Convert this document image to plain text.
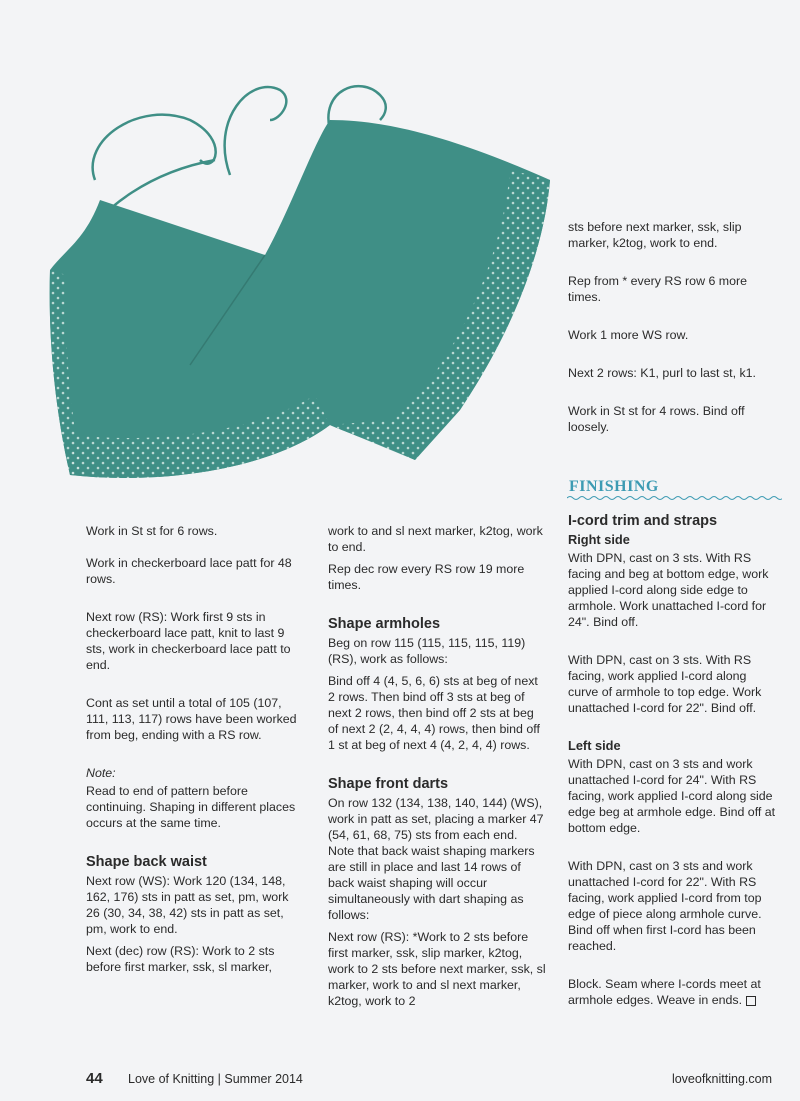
Work in St st for 6 rows.

Work in checkerboard lace patt for 48 rows.

Next row (RS): Work first 9 sts in checkerboard lace patt, knit to last 9 sts, work in checkerboard lace patt to end.

Cont as set until a total of 105 (107, 111, 113, 117) rows have been worked from beg, ending with a RS row.

Note:

Read to end of pattern before continuing. Shaping in different places occurs at the same time.

Shape back waist

Next row (WS): Work 120 (134, 148, 162, 176) sts in patt as set, pm, work 26 (30, 34, 38, 42) sts in patt as set, pm, work to end.

Next (dec) row (RS): Work to 2 sts before first marker, ssk, sl marker,

work to and sl next marker, k2tog, work to end.

Rep dec row every RS row 19 more times.

Shape armholes

Beg on row 115 (115, 115, 115, 119) (RS), work as follows:

Bind off 4 (4, 5, 6, 6) sts at beg of next 2 rows. Then bind off 3 sts at beg of next 2 rows, then bind off 2 sts at beg of next 2 (2, 4, 4, 4) rows, then bind off 1 st at beg of next 4 (4, 2, 4, 4) rows.

Shape front darts

On row 132 (134, 138, 140, 144) (WS), work in patt as set, placing a marker 47 (54, 61, 68, 75) sts from each end. Note that back waist shaping markers are still in place and last 14 rows of back waist shaping will occur simultaneously with dart shaping as follows:

Next row (RS): *Work to 2 sts before first marker, ssk, slip marker, k2tog, work to 2 sts before next marker, ssk, sl marker, work to and sl next marker, k2tog, work to 2

sts before next marker, ssk, slip marker, k2tog, work to end.

Rep from * every RS row 6 more times.

Work 1 more WS row.

Next 2 rows: K1, purl to last st, k1.

Work in St st for 4 rows. Bind off loosely.

FINISHING
I-cord trim and straps
Right side

With DPN, cast on 3 sts. With RS facing and beg at bottom edge, work applied I-cord along side edge to armhole. Work unattached I-cord for 24". Bind off.

With DPN, cast on 3 sts. With RS facing, work applied I-cord along curve of armhole to top edge. Work unattached I-cord for 22". Bind off.

Left side

With DPN, cast on 3 sts and work unattached I-cord for 24". With RS facing, work applied I-cord along side edge beg at armhole edge. Bind off at bottom edge.

With DPN, cast on 3 sts and work unattached I-cord for 22". With RS facing, work applied I-cord from top edge of piece along armhole curve. Bind off when first I-cord has been reached.

Block. Seam where I-cords meet at armhole edges. Weave in ends.

44 Love of Knitting | Summer 2014	loveofknitting.com
